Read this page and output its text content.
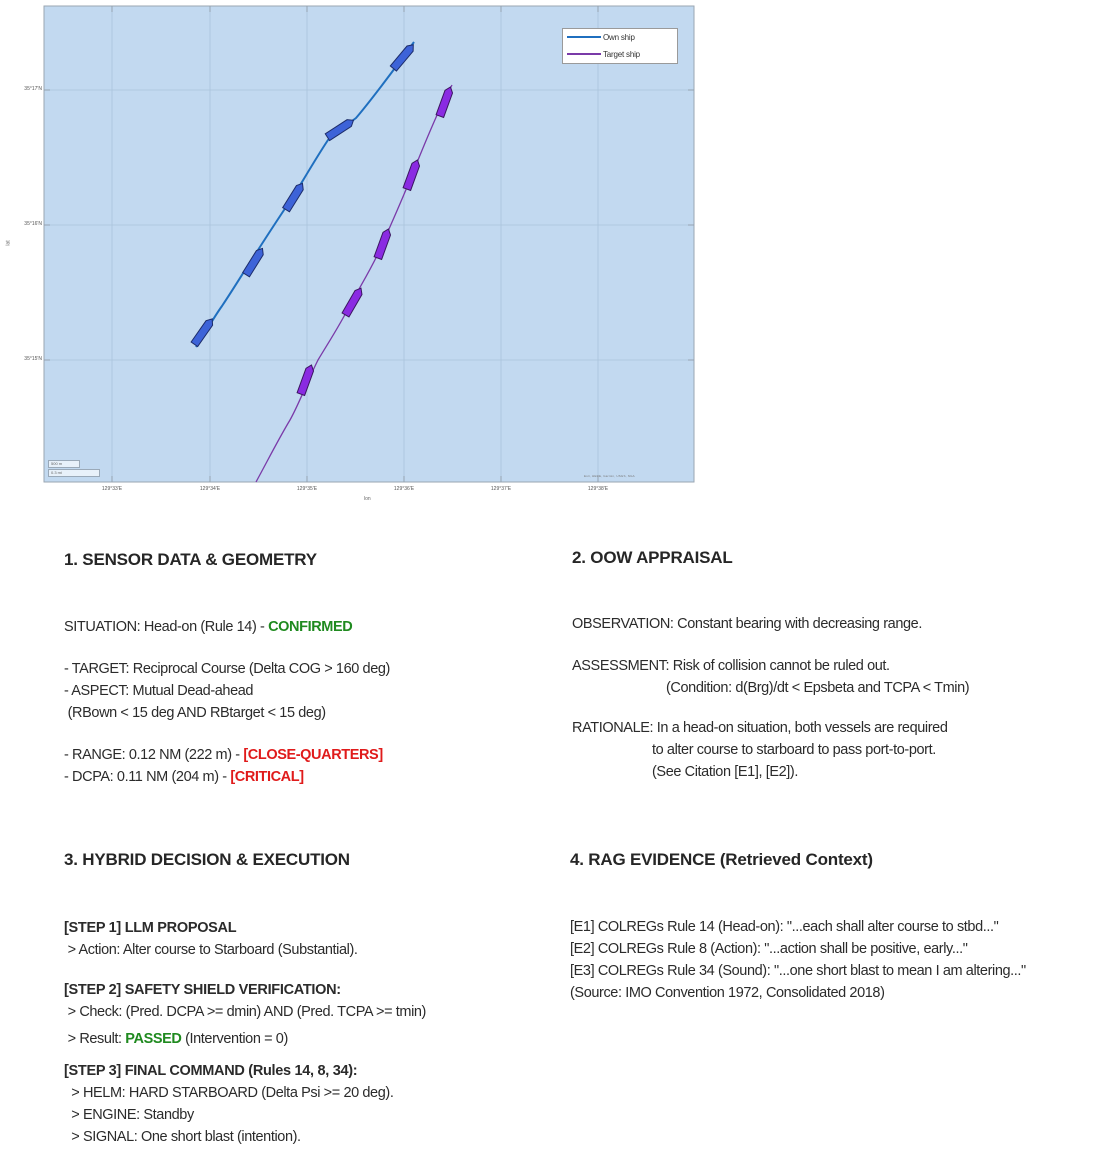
35°17'N
35°16'N
35°15'N
lat
129°33'E	129°34'E	129°35'E	129°36'E	129°37'E	129°38'E
lon
500 m
0.3 mi
Esri, HERE, Garmin, USGS, NGA
Own ship
Target ship
1. SENSOR DATA & GEOMETRY
SITUATION: Head-on (Rule 14) - CONFIRMED
- TARGET: Reciprocal Course (Delta COG > 160 deg)
- ASPECT: Mutual Dead-ahead
(RBown < 15 deg AND RBtarget < 15 deg)
- RANGE: 0.12 NM (222 m) - [CLOSE-QUARTERS]
- DCPA: 0.11 NM (204 m) - [CRITICAL]
2. OOW APPRAISAL
OBSERVATION: Constant bearing with decreasing range.
ASSESSMENT: Risk of collision cannot be ruled out.
(Condition: d(Brg)/dt < Epsbeta and TCPA < Tmin)
RATIONALE: In a head-on situation, both vessels are required
to alter course to starboard to pass port-to-port.
(See Citation [E1], [E2]).
3. HYBRID DECISION & EXECUTION
[STEP 1] LLM PROPOSAL
> Action: Alter course to Starboard (Substantial).
[STEP 2] SAFETY SHIELD VERIFICATION:
> Check: (Pred. DCPA >= dmin) AND (Pred. TCPA >= tmin)
> Result: PASSED (Intervention = 0)
[STEP 3] FINAL COMMAND (Rules 14, 8, 34):
> HELM: HARD STARBOARD (Delta Psi >= 20 deg).
> ENGINE: Standby
> SIGNAL: One short blast (intention).
4. RAG EVIDENCE (Retrieved Context)
[E1] COLREGs Rule 14 (Head-on): "...each shall alter course to stbd..."
[E2] COLREGs Rule 8 (Action): "...action shall be positive, early..."
[E3] COLREGs Rule 34 (Sound): "...one short blast to mean I am altering..."
(Source: IMO Convention 1972, Consolidated 2018)
